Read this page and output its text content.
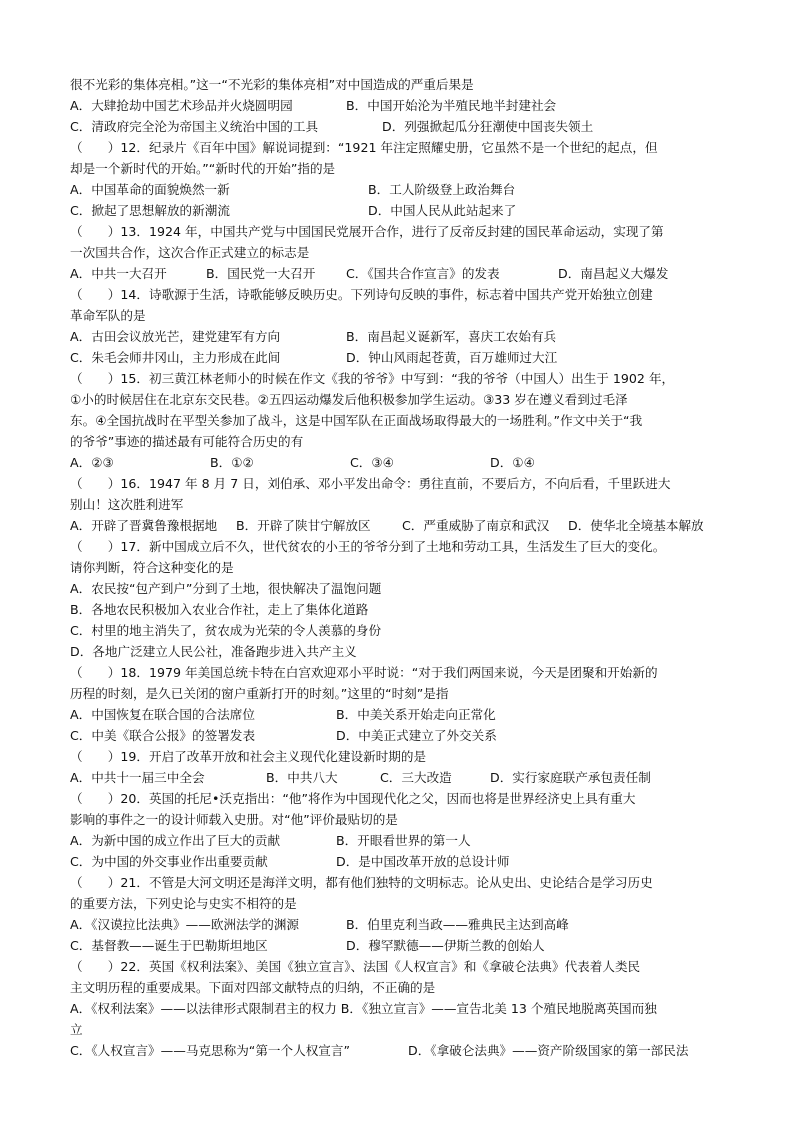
很不光彩的集体亮相。”这一“不光彩的集体亮相”对中国造成的严重后果是
A．大肆抢劫中国艺术珍品并火烧圆明园	B．中国开始沦为半殖民地半封建社会
C．清政府完全沦为帝国主义统治中国的工具	D．列强掀起瓜分狂潮使中国丧失领土
（　　）12．纪录片《百年中国》解说词提到：“1921 年注定照耀史册，它虽然不是一个世纪的起点，但
却是一个新时代的开始。”“新时代的开始”指的是
A．中国革命的面貌焕然一新	B．工人阶级登上政治舞台
C．掀起了思想解放的新潮流	D．中国人民从此站起来了
（　　）13．1924 年，中国共产党与中国国民党展开合作，进行了反帝反封建的国民革命运动，实现了第
一次国共合作，这次合作正式建立的标志是
A．中共一大召开	B．国民党一大召开 C．《国共合作宣言》的发表	D．南昌起义大爆发
（　　）14．诗歌源于生活，诗歌能够反映历史。下列诗句反映的事件，标志着中国共产党开始独立创建
革命军队的是
A．古田会议放光芒，建党建军有方向	B．南昌起义诞新军，喜庆工农始有兵
C．朱毛会师井冈山，主力形成在此间	D．钟山风雨起苍黄，百万雄师过大江
（　　）15．初三黄江林老师小的时候在作文《我的爷爷》中写到：“我的爷爷（中国人）出生于 1902 年，
①小的时候居住在北京东交民巷。②五四运动爆发后他积极参加学生运动。③33 岁在遵义看到过毛泽
东。④全国抗战时在平型关参加了战斗，这是中国军队在正面战场取得最大的一场胜利。”作文中关于“我
的爷爷”事迹的描述最有可能符合历史的有
A．②③	B．①②	C．③④	D．①④
（　　）16．1947 年 8 月 7 日，刘伯承、邓小平发出命令：勇往直前，不要后方，不向后看，千里跃进大
别山！这次胜利进军
A．开辟了晋冀鲁豫根据地 B．开辟了陕甘宁解放区 C．严重威胁了南京和武汉 D．使华北全境基本解放
（　　）17．新中国成立后不久，世代贫农的小王的爷爷分到了土地和劳动工具，生活发生了巨大的变化。
请你判断，符合这种变化的是
A．农民按“包产到户”分到了土地，很快解决了温饱问题
B．各地农民积极加入农业合作社，走上了集体化道路
C．村里的地主消失了，贫农成为光荣的令人羡慕的身份
D．各地广泛建立人民公社，准备跑步进入共产主义
（　　）18．1979 年美国总统卡特在白宫欢迎邓小平时说：“对于我们两国来说，今天是团聚和开始新的
历程的时刻，是久已关闭的窗户重新打开的时刻。”这里的“时刻”是指
A．中国恢复在联合国的合法席位	B．中美关系开始走向正常化
C．中美《联合公报》的签署发表	D．中美正式建立了外交关系
（　　）19．开启了改革开放和社会主义现代化建设新时期的是
A．中共十一届三中全会	B．中共八大	C．三大改造	D．实行家庭联产承包责任制
（　　）20．英国的托尼•沃克指出：“他”将作为中国现代化之父，因而也将是世界经济史上具有重大
影响的事件之一的设计师载入史册。对“他”评价最贴切的是
A．为新中国的成立作出了巨大的贡献	B．开眼看世界的第一人
C．为中国的外交事业作出重要贡献	D．是中国改革开放的总设计师
（　　）21．不管是大河文明还是海洋文明，都有他们独特的文明标志。论从史出、史论结合是学习历史
的重要方法，下列史论与史实不相符的是
A．《汉谟拉比法典》——欧洲法学的渊源	B．伯里克利当政——雅典民主达到高峰
C．基督教——诞生于巴勒斯坦地区	D．穆罕默德——伊斯兰教的创始人
（　　）22．英国《权利法案》、美国《独立宣言》、法国《人权宣言》和《拿破仑法典》代表着人类民
主文明历程的重要成果。下面对四部文献特点的归纳，不正确的是
A．《权利法案》——以法律形式限制君主的权力 B．《独立宣言》——宣告北美 13 个殖民地脱离英国而独
立
C．《人权宣言》——马克思称为“第一个人权宣言”	D．《拿破仑法典》——资产阶级国家的第一部民法
